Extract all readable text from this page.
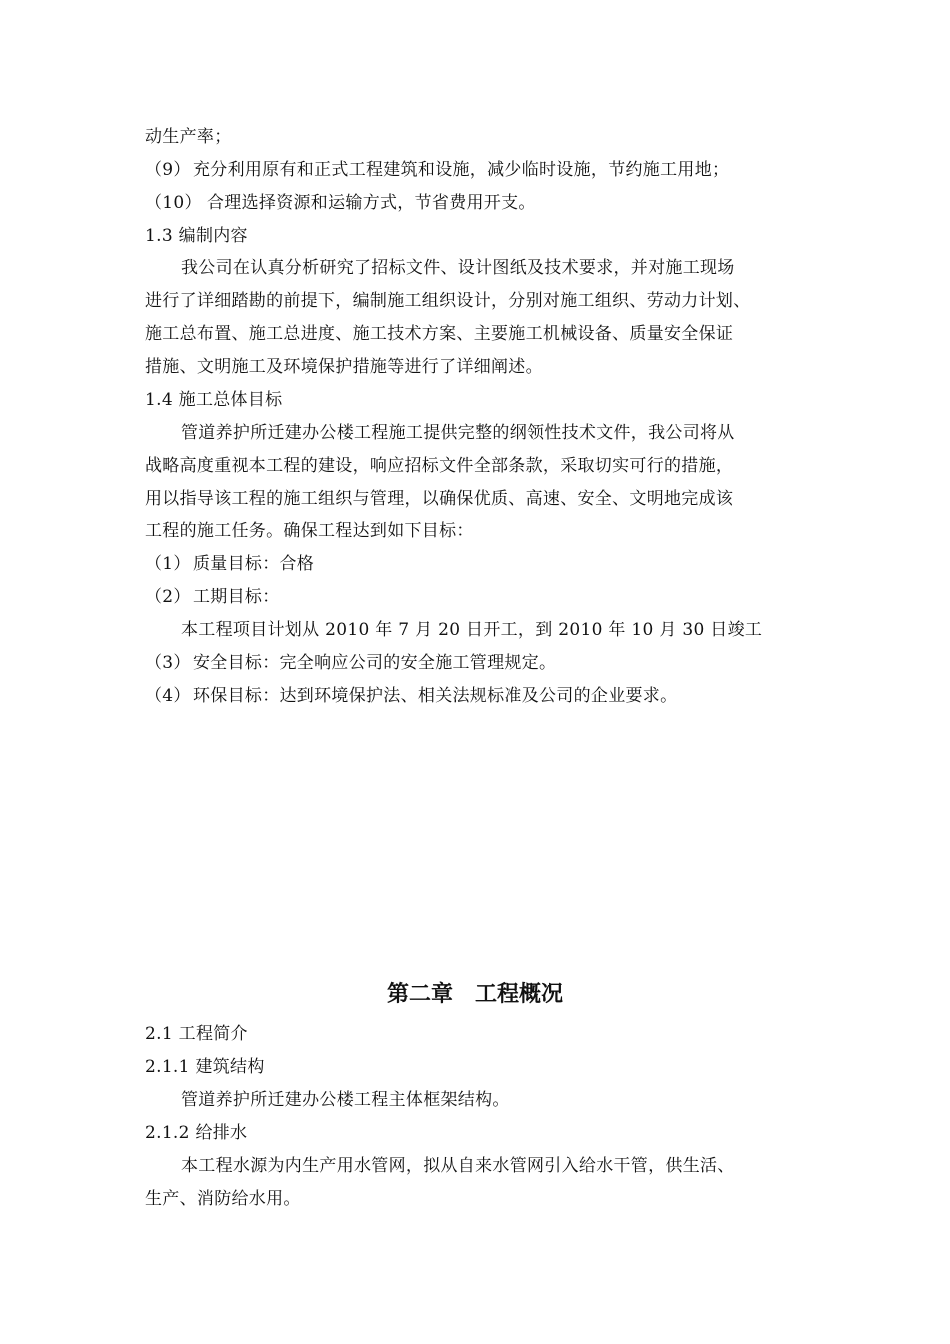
动生产率；
（9） 充分利用原有和正式工程建筑和设施，减少临时设施，节约施工用地；
（10） 合理选择资源和运输方式，节省费用开支。
1.3 编制内容
我公司在认真分析研究了招标文件、设计图纸及技术要求，并对施工现场
进行了详细踏勘的前提下，编制施工组织设计，分别对施工组织、劳动力计划、
施工总布置、施工总进度、施工技术方案、主要施工机械设备、质量安全保证
措施、文明施工及环境保护措施等进行了详细阐述。
1.4 施工总体目标
管道养护所迁建办公楼工程施工提供完整的纲领性技术文件，我公司将从
战略高度重视本工程的建设，响应招标文件全部条款，采取切实可行的措施，
用以指导该工程的施工组织与管理，以确保优质、高速、安全、文明地完成该
工程的施工任务。确保工程达到如下目标：
（1） 质量目标：合格
（2） 工期目标：
本工程项目计划从 2010 年 7 月 20 日开工，到 2010 年 10 月 30 日竣工
（3） 安全目标：完全响应公司的安全施工管理规定。
（4） 环保目标：达到环境保护法、相关法规标准及公司的企业要求。
第二章　工程概况
2.1 工程简介
2.1.1 建筑结构
管道养护所迁建办公楼工程主体框架结构。
2.1.2 给排水
本工程水源为内生产用水管网，拟从自来水管网引入给水干管，供生活、
生产、消防给水用。
